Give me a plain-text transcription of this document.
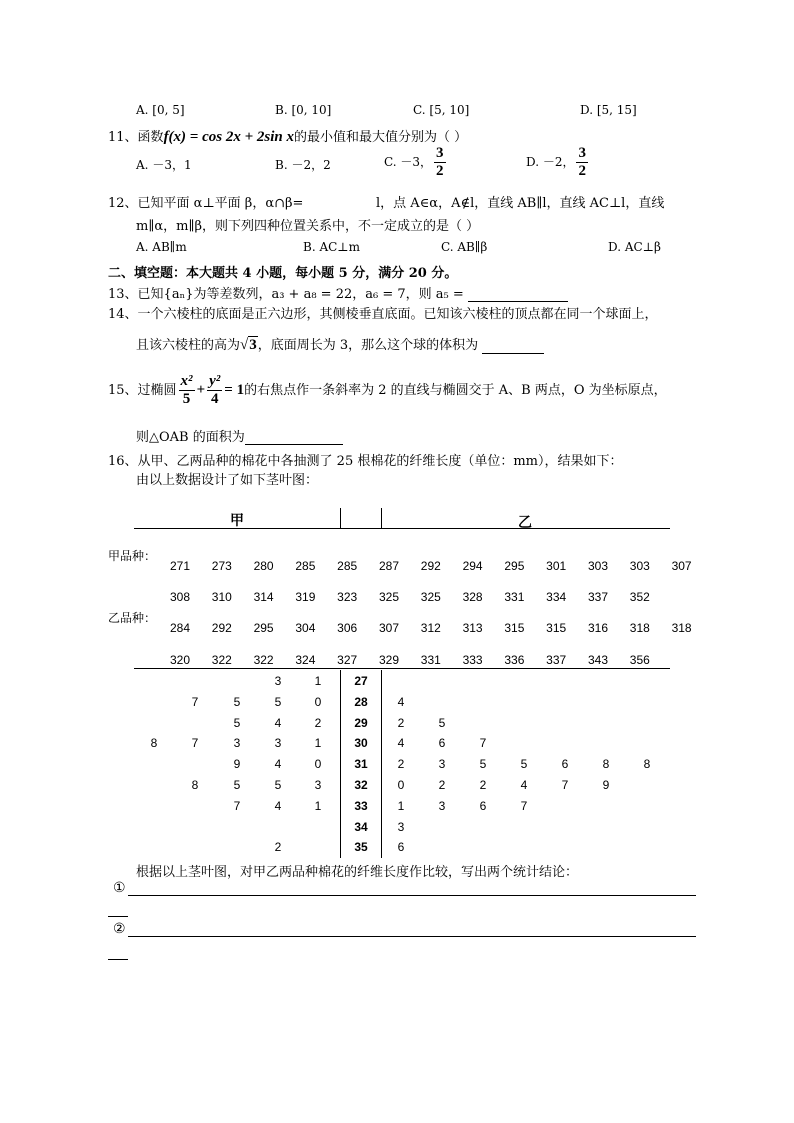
A. [0, 5]	B. [0, 10]	C. [5, 10]	D. [5, 15]
11、函数f(x) = cos 2x + 2sin x的最小值和最大值分别为（ ）
A. －3，1	B. －2，2	C. －3， $\frac{3}{2}$	D. －2， $\frac{3}{2}$
12、已知平面 α⊥平面 β，α∩β=	l，点 A∈α，A∉l，直线 AB∥l，直线 AC⊥l，直线
m∥α，m∥β，则下列四种位置关系中，不一定成立的是（ ）
A. AB∥m	B. AC⊥m	C. AB∥β	D. AC⊥β
二、填空题：本大题共 4 小题，每小题 5 分，满分 20 分。
13、已知{aₙ}为等差数列，a₃ + a₈ = 22，a₆ = 7，则 a₅ =
14、一个六棱柱的底面是正六边形，其侧棱垂直底面。已知该六棱柱的顶点都在同一个球面上，
且该六棱柱的高为√3，底面周长为 3，那么这个球的体积为
15、过椭圆 $\frac{\text{x²}}{5} + \frac{\text{y²}}{4} = 1$的右焦点作一条斜率为 2 的直线与椭圆交于 A、B 两点，O 为坐标原点，
则△OAB 的面积为
16、从甲、乙两品种的棉花中各抽测了 25 根棉花的纤维长度（单位：mm），结果如下：
由以上数据设计了如下茎叶图：
甲	乙
甲品种：
乙品种：
271	273	280	285	285	287	292	294	295	301	303	303	307
308	310	314	319	323	325	325	328	331	334	337	352
284	292	295	304	306	307	312	313	315	315	316	318	318
320	322	322	324	327	329	331	333	336	337	343	356
3	1	27
7	5	5	0	28	4
5	4	2	29	2	5
8	7	3	3	1	30	4	6	7
9	4	0	31	2	3	5	5	6	8	8
8	5	5	3	32	0	2	2	4	7	9
7	4	1	33	1	3	6	7
34	3
2	35	6
根据以上茎叶图，对甲乙两品种棉花的纤维长度作比较，写出两个统计结论：
①
②
